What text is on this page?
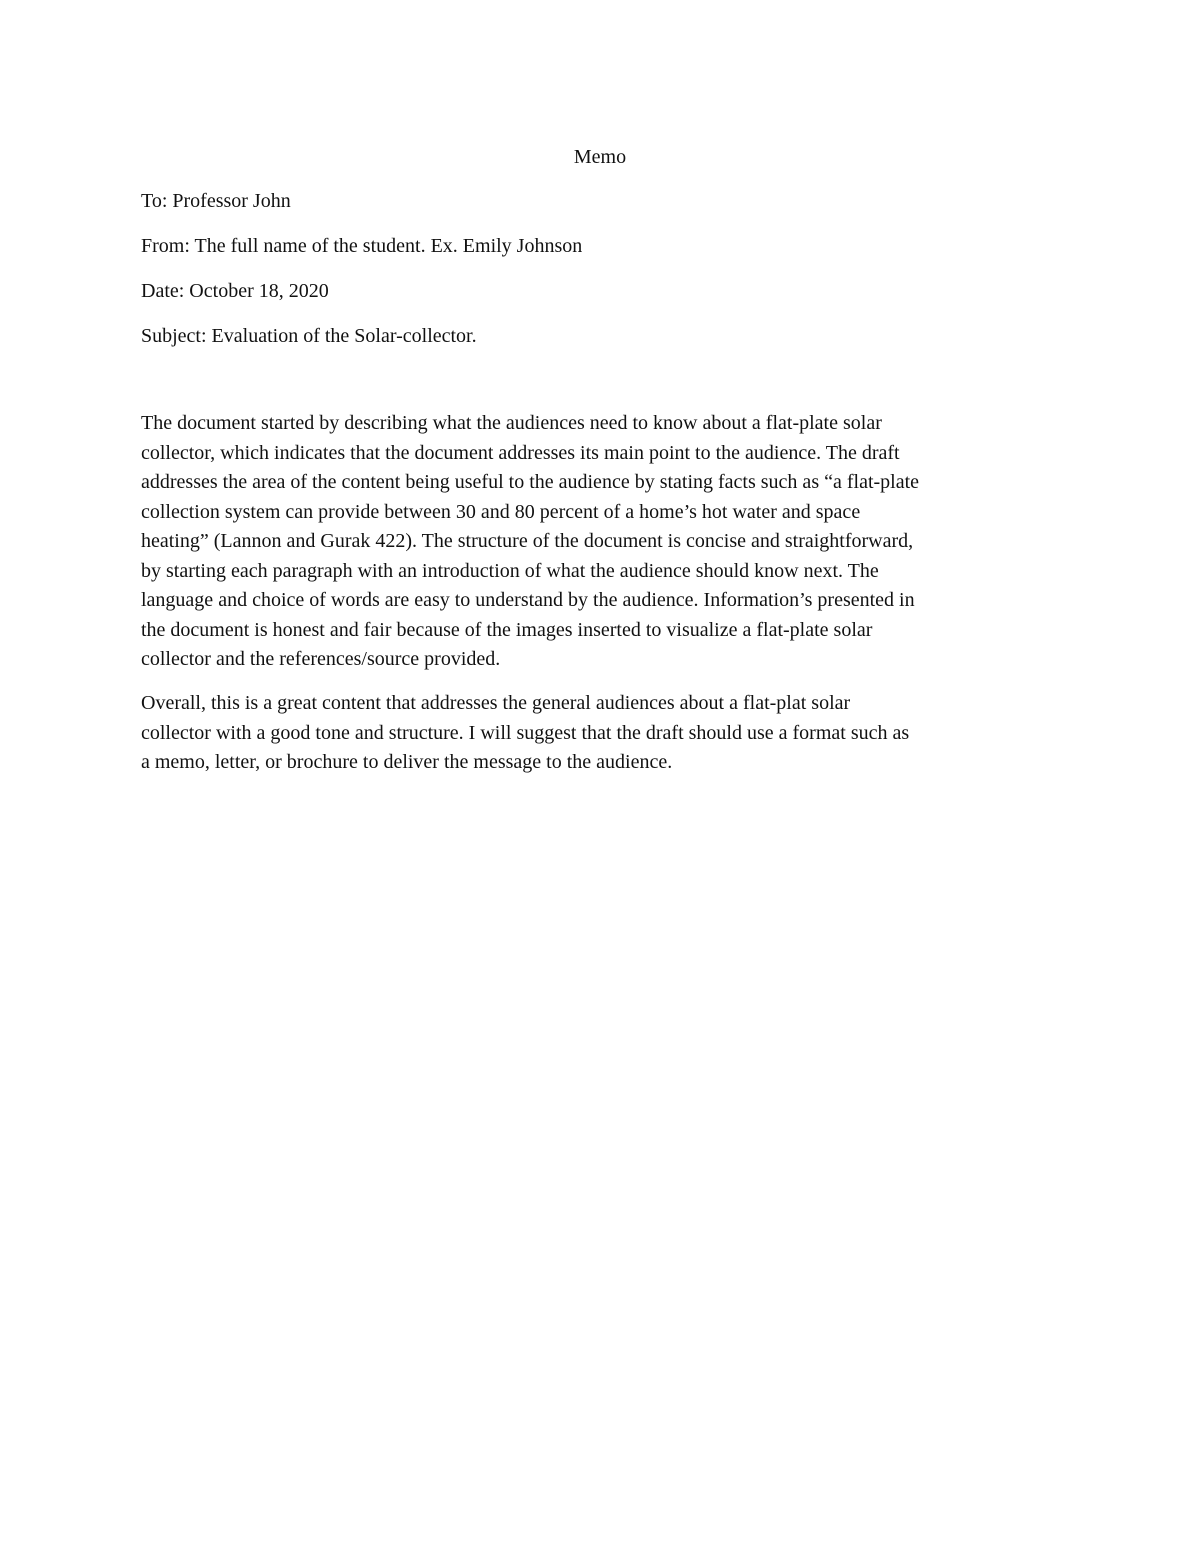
Memo

To: Professor John

From: The full name of the student. Ex. Emily Johnson

Date: October 18, 2020

Subject: Evaluation of the Solar-collector.

The document started by describing what the audiences need to know about a flat-plate solar
collector, which indicates that the document addresses its main point to the audience. The draft
addresses the area of the content being useful to the audience by stating facts such as “a flat-plate
collection system can provide between 30 and 80 percent of a home’s hot water and space
heating” (Lannon and Gurak 422). The structure of the document is concise and straightforward,
by starting each paragraph with an introduction of what the audience should know next. The
language and choice of words are easy to understand by the audience. Information’s presented in
the document is honest and fair because of the images inserted to visualize a flat-plate solar
collector and the references/source provided.
Overall, this is a great content that addresses the general audiences about a flat-plat solar
collector with a good tone and structure. I will suggest that the draft should use a format such as
a memo, letter, or brochure to deliver the message to the audience.
